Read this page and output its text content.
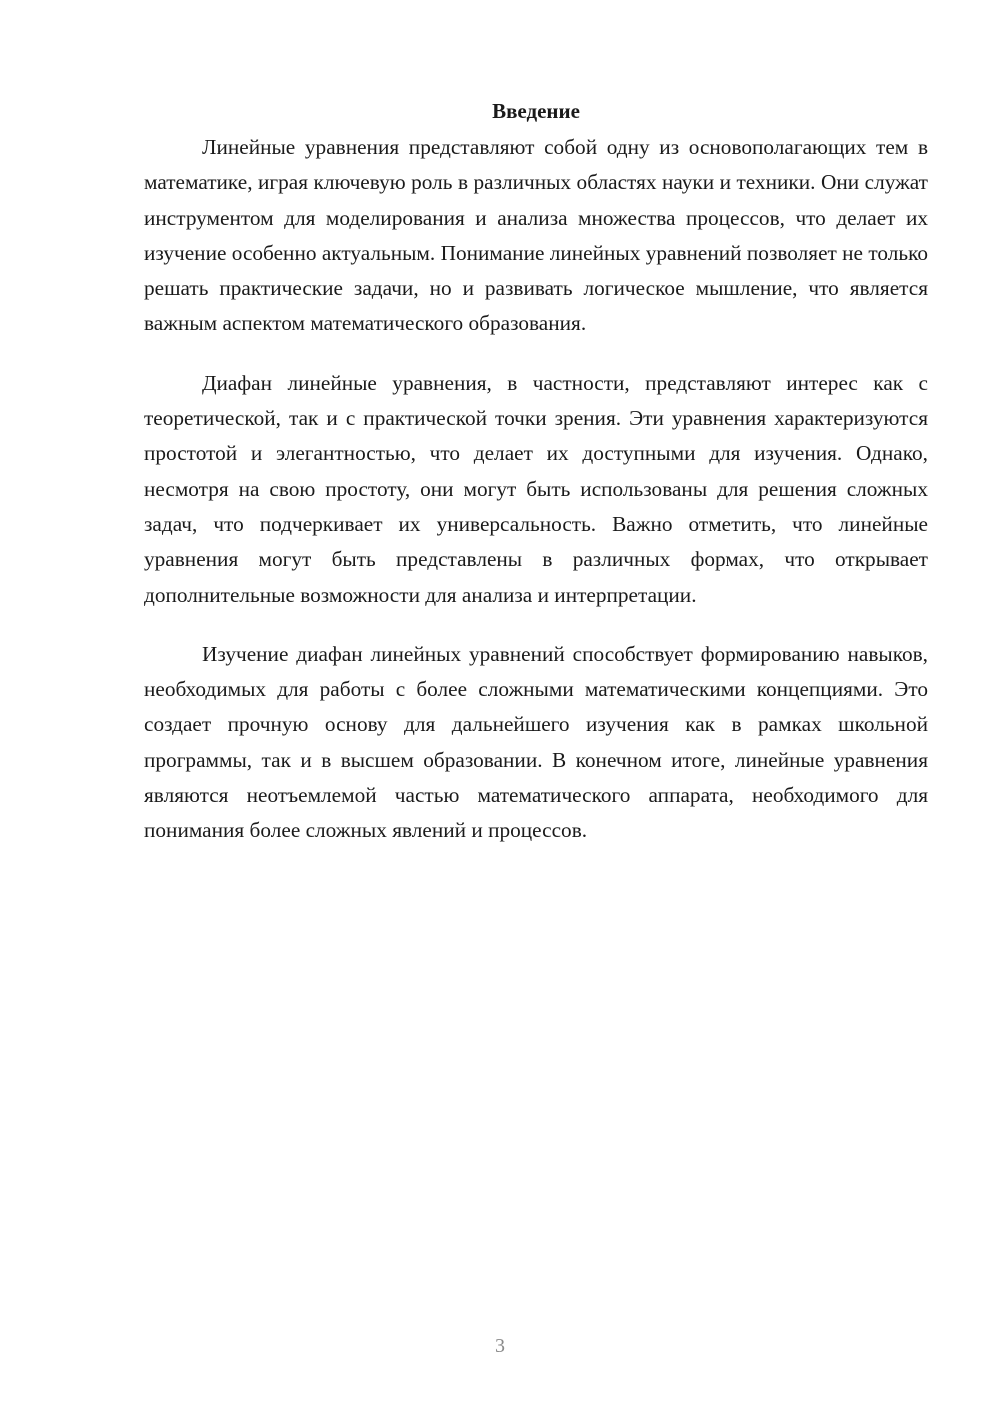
Введение

Линейные уравнения представляют собой одну из основополагающих тем в математике, играя ключевую роль в различных областях науки и техники. Они служат инструментом для моделирования и анализа множества процессов, что делает их изучение особенно актуальным. Понимание линейных уравнений позволяет не только решать практические задачи, но и развивать логическое мышление, что является важным аспектом математического образования.

Диафан линейные уравнения, в частности, представляют интерес как с теоретической, так и с практической точки зрения. Эти уравнения характеризуются простотой и элегантностью, что делает их доступными для изучения. Однако, несмотря на свою простоту, они могут быть использованы для решения сложных задач, что подчеркивает их универсальность. Важно отметить, что линейные уравнения могут быть представлены в различных формах, что открывает дополнительные возможности для анализа и интерпретации.

Изучение диафан линейных уравнений способствует формированию навыков, необходимых для работы с более сложными математическими концепциями. Это создает прочную основу для дальнейшего изучения как в рамках школьной программы, так и в высшем образовании. В конечном итоге, линейные уравнения являются неотъемлемой частью математического аппарата, необходимого для понимания более сложных явлений и процессов.

3
